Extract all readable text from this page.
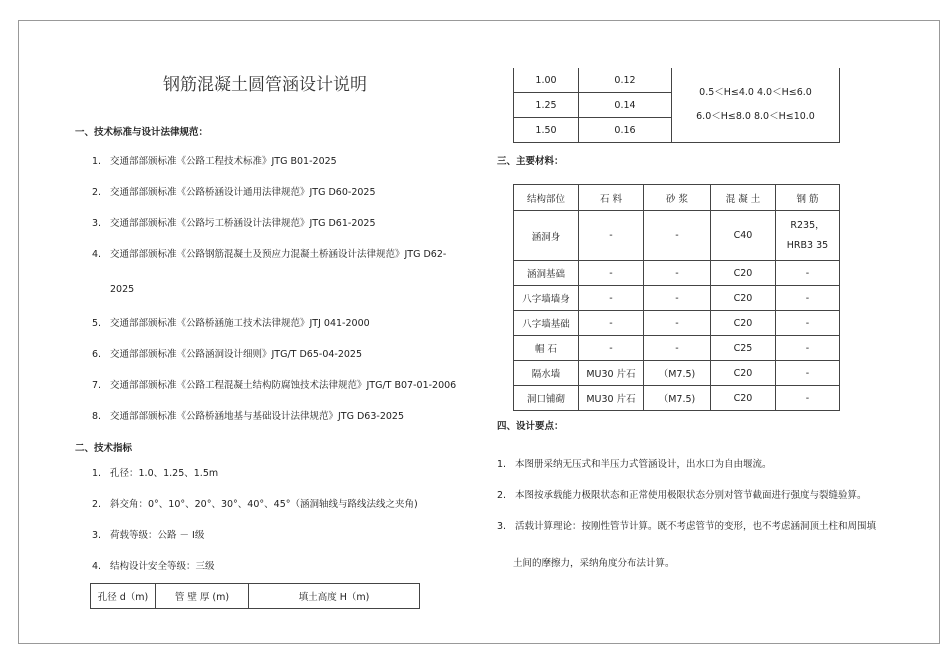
钢筋混凝土圆管涵设计说明
一、技术标准与设计法律规范：
1. 交通部部颁标准《公路工程技术标准》JTG B01-2025
2. 交通部部颁标准《公路桥涵设计通用法律规范》JTG D60-2025
3. 交通部部颁标准《公路圬工桥涵设计法律规范》JTG D61-2025
4. 交通部部颁标准《公路钢筋混凝土及预应力混凝土桥涵设计法律规范》JTG D62-
2025
5. 交通部部颁标准《公路桥涵施工技术法律规范》JTJ 041-2000
6. 交通部部颁标准《公路涵洞设计细则》JTG/T D65-04-2025
7. 交通部部颁标准《公路工程混凝土结构防腐蚀技术法律规范》JTG/T B07-01-2006
8. 交通部部颁标准《公路桥涵地基与基础设计法律规范》JTG D63-2025
二、技术指标
1. 孔径：1.0、1.25、1.5m
2. 斜交角：0°、10°、20°、30°、40°、45°（涵洞轴线与路线法线之夹角)
3. 荷载等级：公路 － Ⅰ级
4. 结构设计安全等级：三级
孔径 d（m)	管 壁 厚 (m)	填土高度 H（m)
1.00	0.12	0.5＜H≤4.0 4.0＜H≤6.0
6.0＜H≤8.0 8.0＜H≤10.0

1.25	0.14	
1.50	0.16	
三、主要材料：
结构部位	石 料	砂 浆	混 凝 土	钢 筋
涵洞身	-	-	C40	R235，HRB3 35
涵洞基础	-	-	C20	-
八字墙墙身	-	-	C20	-
八字墙基础	-	-	C20	-
帽 石	-	-	C25	-
隔水墙	MU30 片石	（M7.5)	C20	-
洞口铺砌	MU30 片石	（M7.5)	C20	-
四、设计要点：
1. 本图册采纳无压式和半压力式管涵设计，出水口为自由堰流。
2. 本图按承载能力极限状态和正常使用极限状态分别对管节截面进行强度与裂缝验算。
3. 活载计算理论：按刚性管节计算。既不考虑管节的变形，也不考虑涵洞顶土柱和周围填
土间的摩擦力，采纳角度分布法计算。
